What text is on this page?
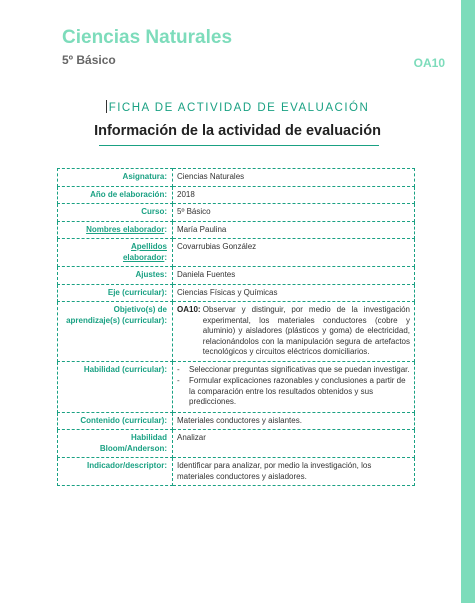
Ciencias Naturales
5º Básico	OA10
FICHA DE ACTIVIDAD DE EVALUACIÓN
Información de la actividad de evaluación
Asignatura:	Ciencias Naturales
Año de elaboración:	2018
Curso:	5º Básico
Nombres elaborador:	María Paulina
Apellidos
elaborador:	Covarrubias González
Ajustes:	Daniela Fuentes
Eje (curricular):	Ciencias Físicas y Químicas
Objetivo(s) de aprendizaje(s) (curricular):	OA10:
Observar y distinguir, por medio de la investigación experimental, los materiales conductores (cobre y aluminio) y aisladores (plásticos y goma) de electricidad, relacionándolos con la manipulación segura de artefactos tecnológicos y circuitos eléctricos domiciliarios.

Habilidad (curricular):	- Seleccionar preguntas significativas que se puedan investigar.
- Formular explicaciones razonables y conclusiones a partir de la comparación entre los resultados obtenidos y sus predicciones.

Contenido (curricular):	Materiales conductores y aislantes.
Habilidad Bloom/Anderson:	Analizar
Indicador/descriptor:	Identificar para analizar, por medio la investigación, los materiales conductores y aisladores.
